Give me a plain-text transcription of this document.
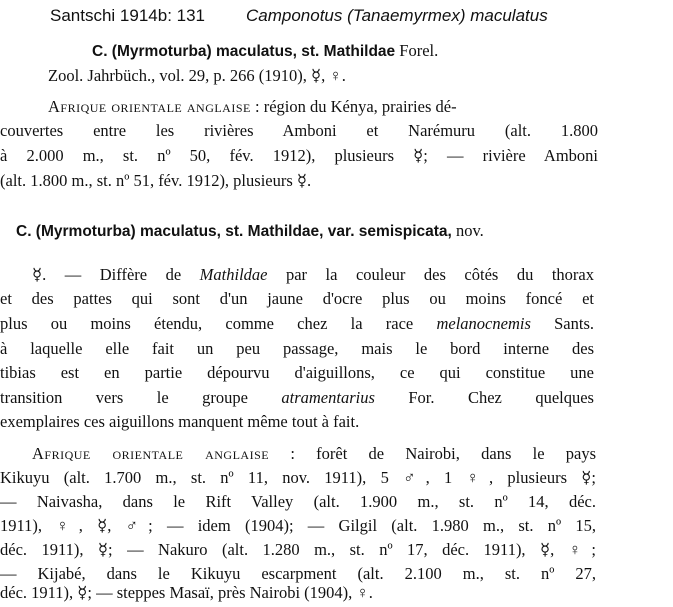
Santschi 1914b: 131 Camponotus (Tanaemyrmex) maculatus
C. (Myrmoturba) maculatus, st. Mathildae Forel.
Zool. Jahrbüch., vol. 29, p. 266 (1910), ☿, ♀.
Afrique orientale anglaise : région du Kénya, prairies dé-
couvertes entre les rivières Amboni et Narémuru (alt. 1.800
à 2.000 m., st. nº 50, fév. 1912), plusieurs ☿; — rivière Amboni
(alt. 1.800 m., st. nº 51, fév. 1912), plusieurs ☿.
C. (Myrmoturba) maculatus, st. Mathildae, var. semispicata, nov.
☿. — Diffère de Mathildae par la couleur des côtés du thorax
et des pattes qui sont d'un jaune d'ocre plus ou moins foncé et
plus ou moins étendu, comme chez la race melanocnemis Sants.
à laquelle elle fait un peu passage, mais le bord interne des
tibias est en partie dépourvu d'aiguillons, ce qui constitue une
transition vers le groupe atramentarius For. Chez quelques
exemplaires ces aiguillons manquent même tout à fait.
Afrique orientale anglaise : forêt de Nairobi, dans le pays
Kikuyu (alt. 1.700 m., st. nº 11, nov. 1911), 5 ♂, 1 ♀, plusieurs ☿;
— Naivasha, dans le Rift Valley (alt. 1.900 m., st. nº 14, déc.
1911), ♀, ☿, ♂; — idem (1904); — Gilgil (alt. 1.980 m., st. nº 15,
déc. 1911), ☿; — Nakuro (alt. 1.280 m., st. nº 17, déc. 1911), ☿, ♀;
— Kijabé, dans le Kikuyu escarpment (alt. 2.100 m., st. nº 27,
déc. 1911), ☿; — steppes Masaï, près Nairobi (1904), ♀.
